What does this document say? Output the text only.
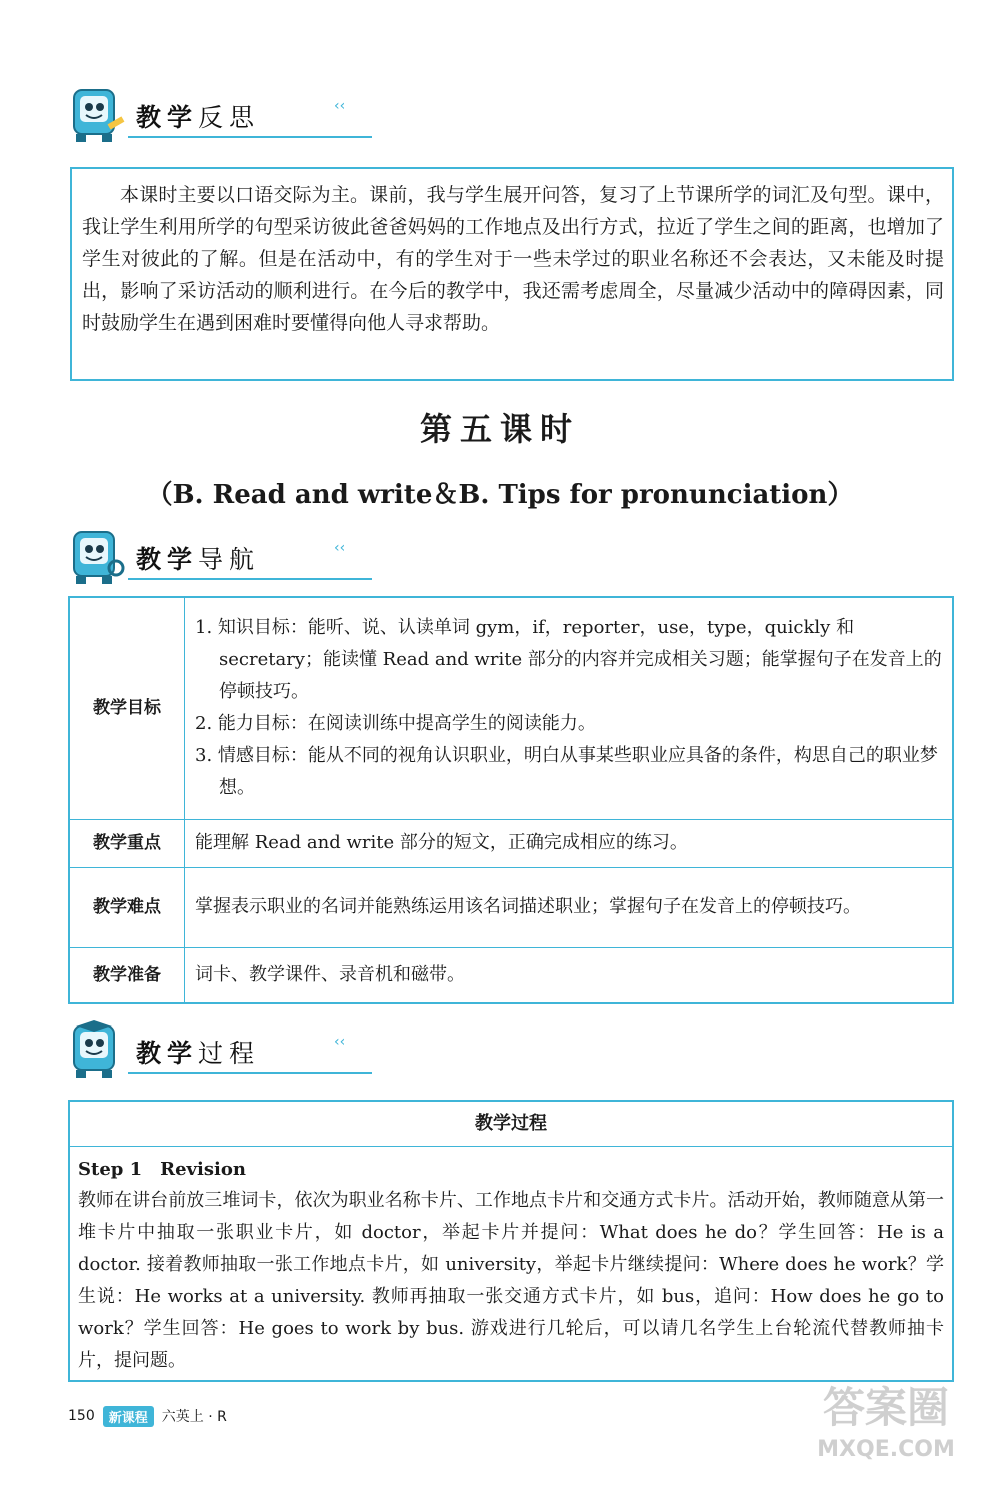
教学反思	‹‹

本课时主要以口语交际为主。课前，我与学生展开问答，复习了上节课所学的词汇及句型。课中，我让学生利用所学的句型采访彼此爸爸妈妈的工作地点及出行方式，拉近了学生之间的距离，也增加了学生对彼此的了解。但是在活动中，有的学生对于一些未学过的职业名称还不会表达，又未能及时提出，影响了采访活动的顺利进行。在今后的教学中，我还需考虑周全，尽量减少活动中的障碍因素，同时鼓励学生在遇到困难时要懂得向他人寻求帮助。

第五课时
（B. Read and write＆B. Tips for pronunciation）
教学导航	‹‹
教学目标	1. 知识目标：能听、说、认读单词 gym，if，reporter，use，type，quickly 和 secretary；能读懂 Read and write 部分的内容并完成相关习题；能掌握句子在发音上的停顿技巧。
2. 能力目标：在阅读训练中提高学生的阅读能力。
3. 情感目标：能从不同的视角认识职业，明白从事某些职业应具备的条件，构思自己的职业梦想。

教学重点	能理解 Read and write 部分的短文，正确完成相应的练习。
教学难点	掌握表示职业的名词并能熟练运用该名词描述职业；掌握句子在发音上的停顿技巧。
教学准备	词卡、教学课件、录音机和磁带。
教学过程	‹‹
教学过程
Step 1　Revision

教师在讲台前放三堆词卡，依次为职业名称卡片、工作地点卡片和交通方式卡片。活动开始，教师随意从第一堆卡片中抽取一张职业卡片，如 doctor，举起卡片并提问：What does he do？学生回答：He is a doctor. 接着教师抽取一张工作地点卡片，如 university，举起卡片继续提问：Where does he work？学生说：He works at a university. 教师再抽取一张交通方式卡片，如 bus，追问：How does he go to work？学生回答：He goes to work by bus. 游戏进行几轮后，可以请几名学生上台轮流代替教师抽卡片，提问题。

150	新课程	六英上 · R	答案圈
MXQE.COM
